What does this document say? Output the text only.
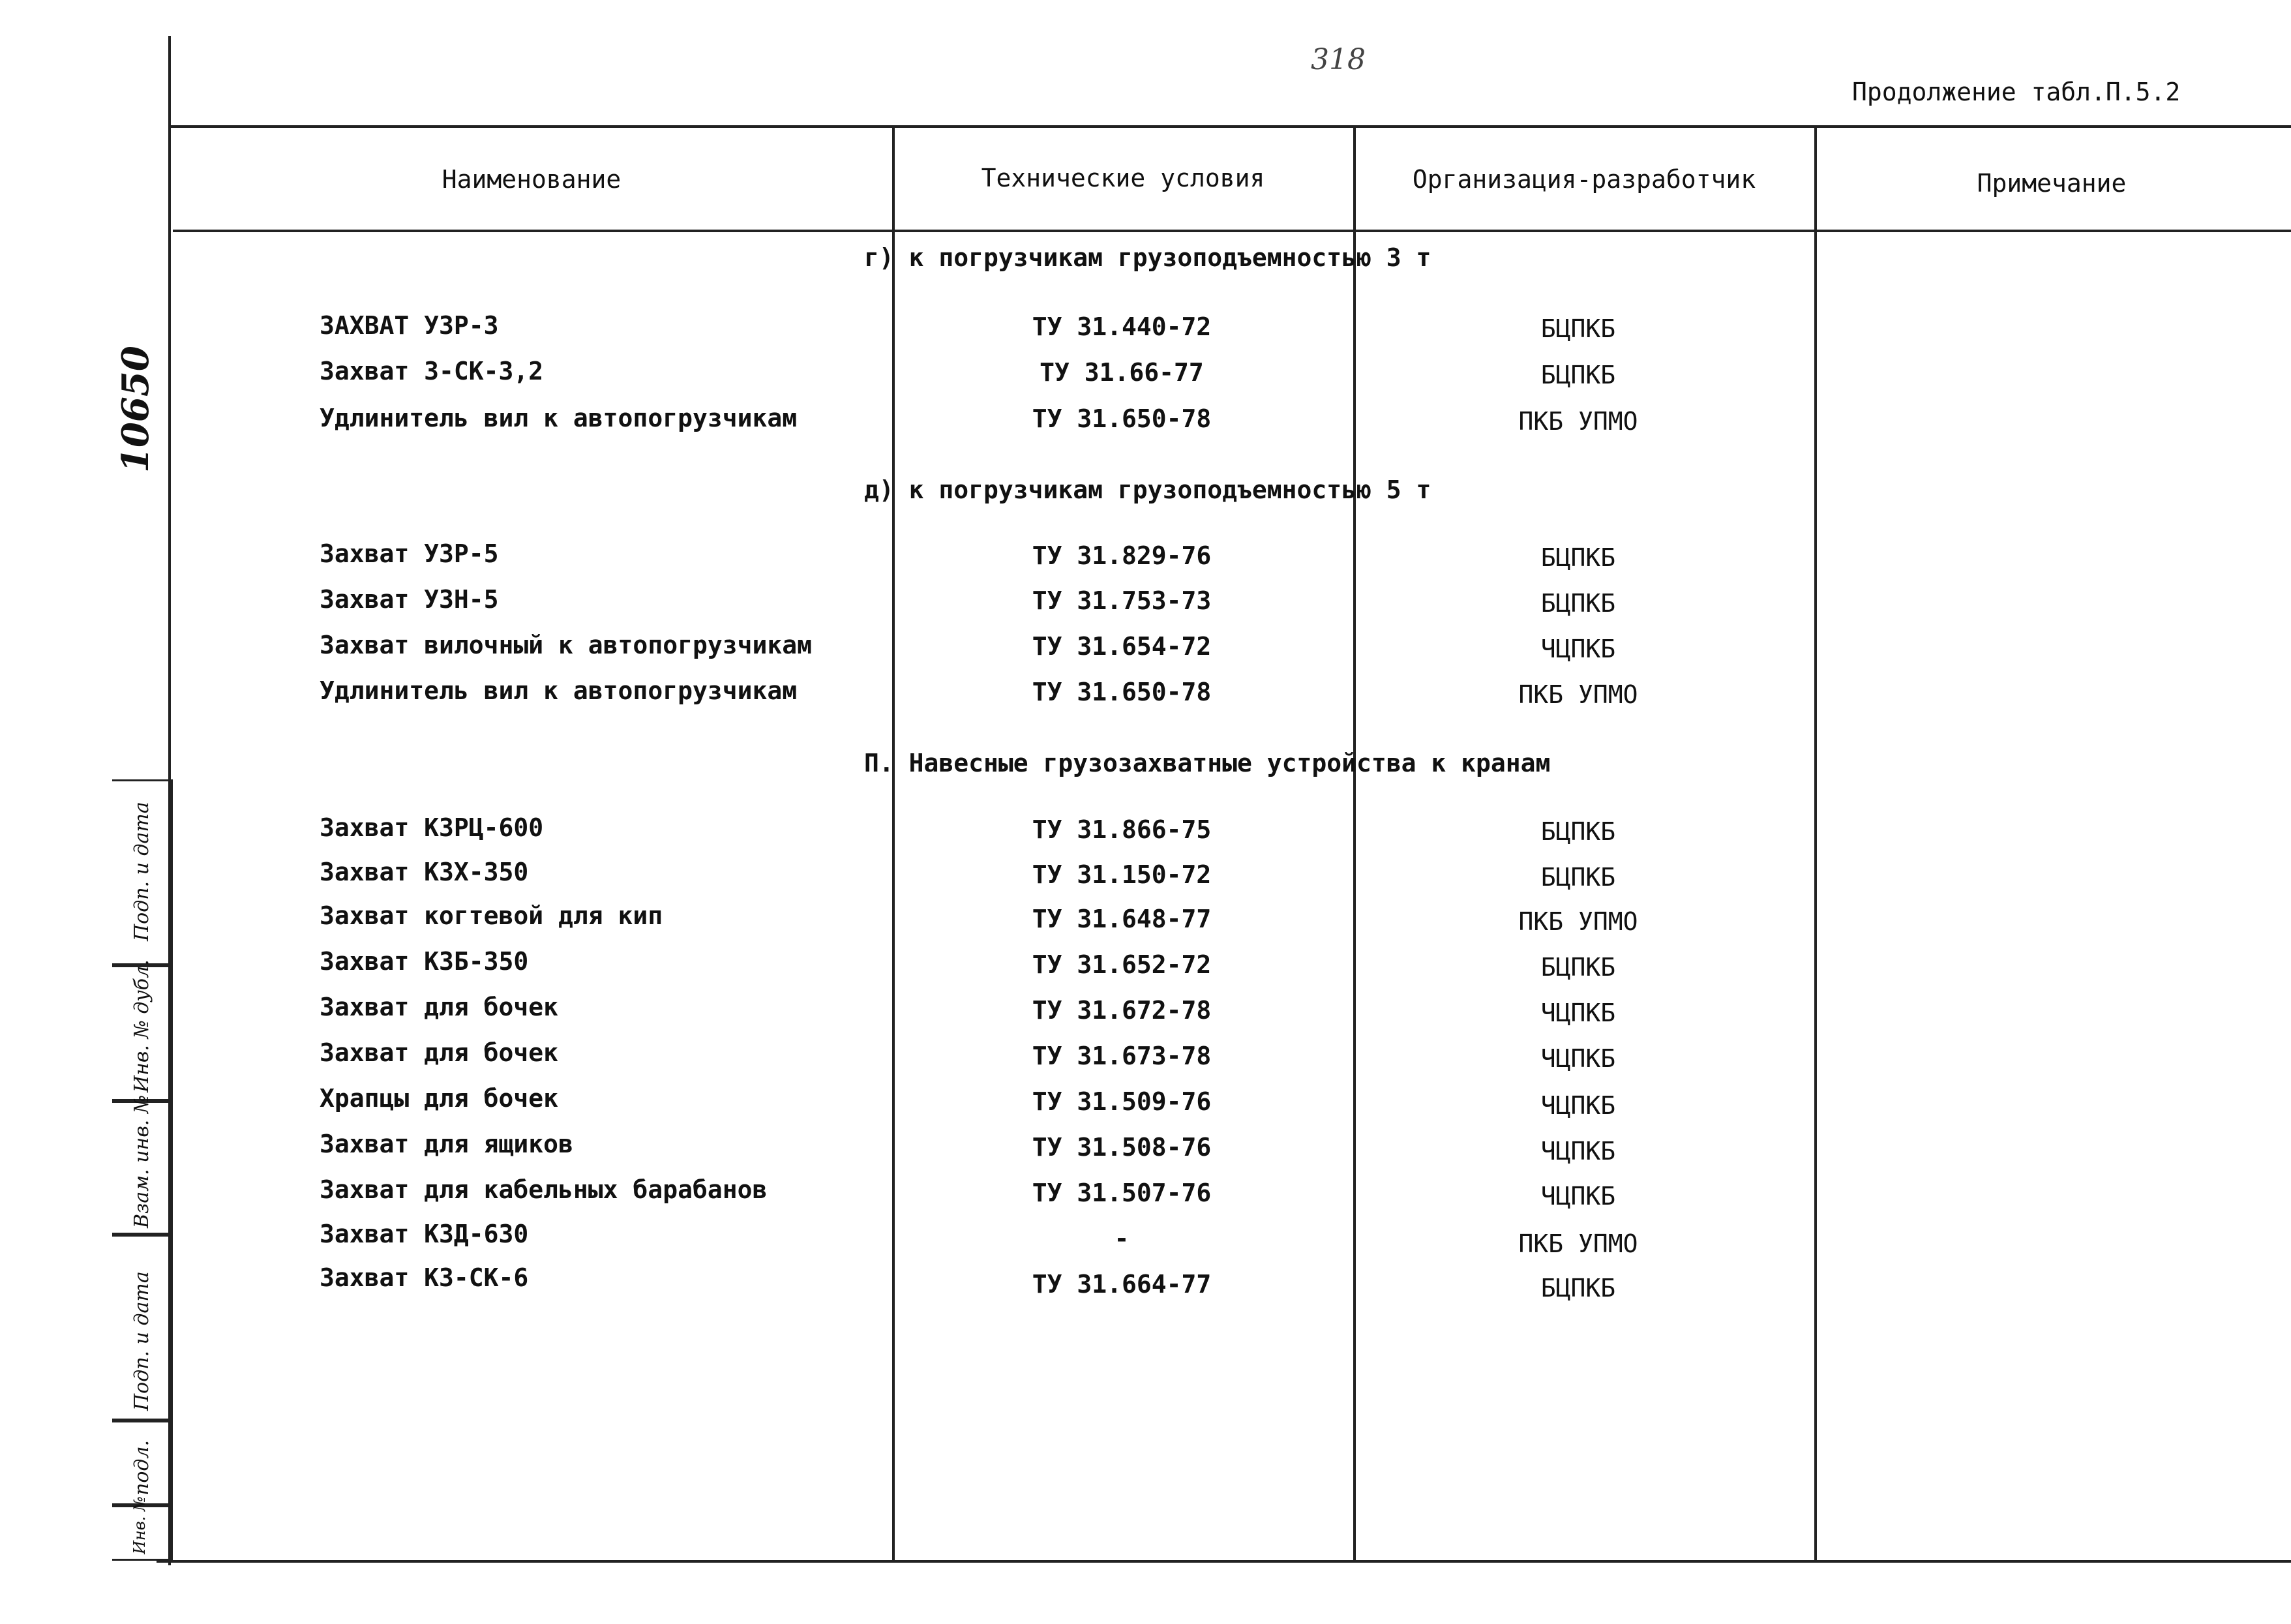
318
Продолжение табл.П.5.2
10650
Наименование	Технические условия	Организация-разработчик	Примечание
г) к погрузчикам грузоподъемностью 3 т
ЗАХВАТ УЗР-3	ТУ 31.440-72	БЦПКБ
Захват З-СК-3,2	ТУ 31.66-77	БЦПКБ
Удлинитель вил к автопогрузчикам	ТУ 31.650-78	ПКБ УПМО
д) к погрузчикам грузоподъемностью 5 т
Захват УЗР-5	ТУ 31.829-76	БЦПКБ
Захват УЗН-5	ТУ 31.753-73	БЦПКБ
Захват вилочный к автопогрузчикам	ТУ 31.654-72	ЧЦПКБ
Удлинитель вил к автопогрузчикам	ТУ 31.650-78	ПКБ УПМО
П. Навесные грузозахватные устройства к кранам
Захват КЗРЦ-600	ТУ 31.866-75	БЦПКБ
Захват КЗХ-350	ТУ 31.150-72	БЦПКБ
Захват когтевой для кип	ТУ 31.648-77	ПКБ УПМО
Захват КЗБ-350	ТУ 31.652-72	БЦПКБ
Захват для бочек	ТУ 31.672-78	ЧЦПКБ
Захват для бочек	ТУ 31.673-78	ЧЦПКБ
Храпцы для бочек	ТУ 31.509-76	ЧЦПКБ
Захват для ящиков	ТУ 31.508-76	ЧЦПКБ
Захват для кабельных барабанов	ТУ 31.507-76	ЧЦПКБ
Захват КЗД-630	-	ПКБ УПМО
Захват КЗ-СК-6	ТУ 31.664-77	БЦПКБ
Подп. и дата
Инв. № дубл.
Взам. инв. №
Подп. и дата
подл.
Инв. №
